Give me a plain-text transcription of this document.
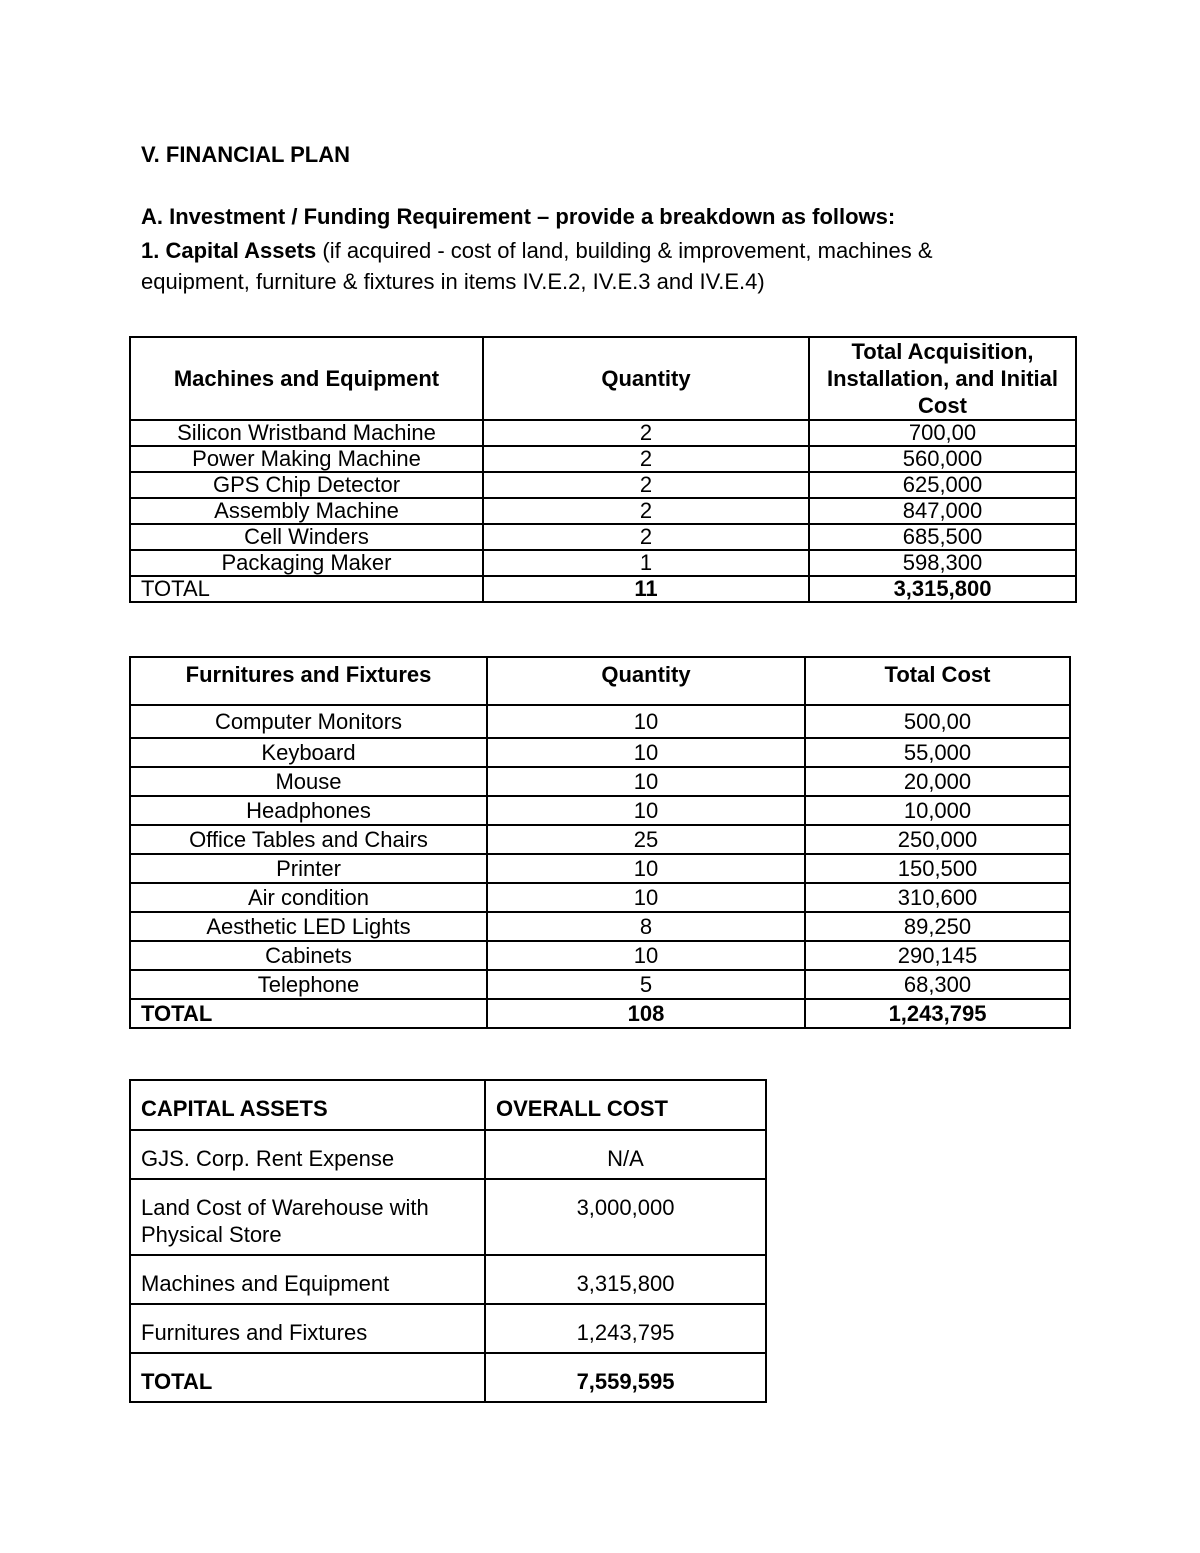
V. FINANCIAL PLAN

A. Investment / Funding Requirement – provide a breakdown as follows:

1. Capital Assets (if acquired - cost of land, building & improvement, machines & equipment, furniture & fixtures in items IV.E.2, IV.E.3 and IV.E.4)

Machines and Equipment	Quantity	Total Acquisition, Installation, and Initial Cost
Silicon Wristband Machine	2	700,00
Power Making Machine	2	560,000
GPS Chip Detector	2	625,000
Assembly Machine	2	847,000
Cell Winders	2	685,500
Packaging Maker	1	598,300
TOTAL	11	3,315,800
Furnitures and Fixtures	Quantity	Total Cost
Computer Monitors	10	500,00
Keyboard	10	55,000
Mouse	10	20,000
Headphones	10	10,000
Office Tables and Chairs	25	250,000
Printer	10	150,500
Air condition	10	310,600
Aesthetic LED Lights	8	89,250
Cabinets	10	290,145
Telephone	5	68,300
TOTAL	108	1,243,795
CAPITAL ASSETS	OVERALL COST
GJS. Corp. Rent Expense	N/A
Land Cost of Warehouse with Physical Store	3,000,000
Machines and Equipment	3,315,800
Furnitures and Fixtures	1,243,795
TOTAL	7,559,595
